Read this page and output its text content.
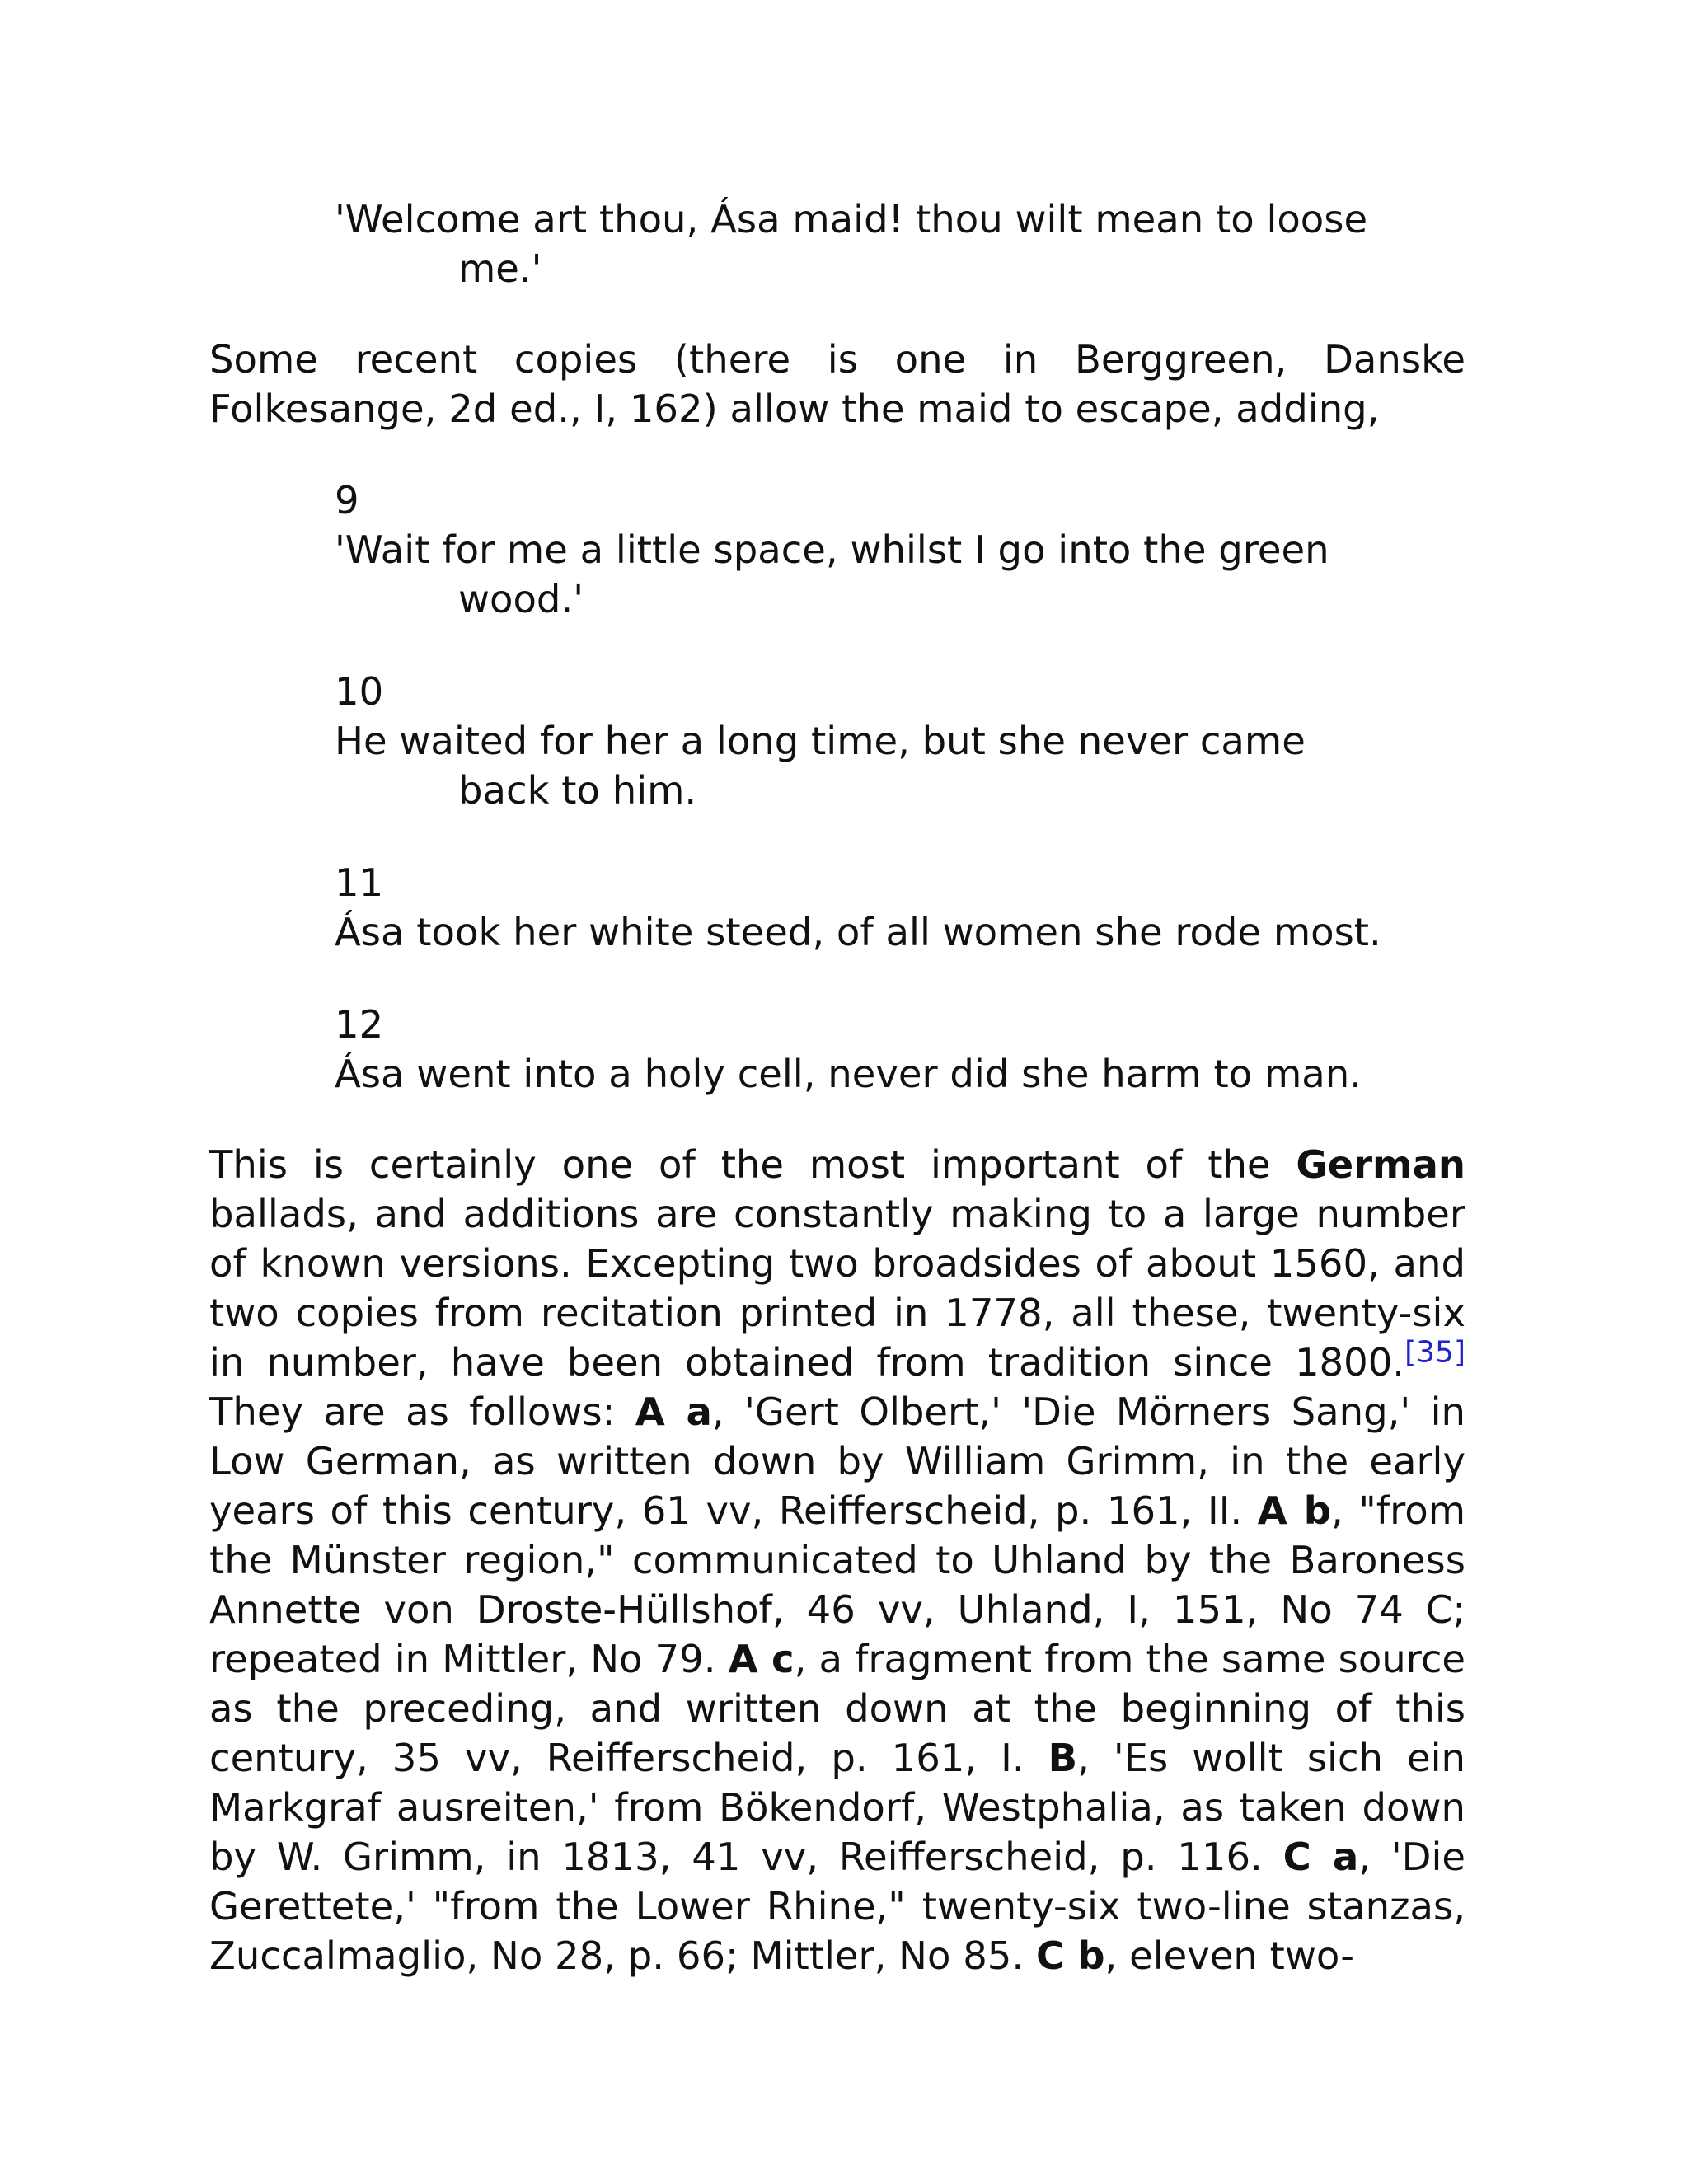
'Welcome art thou, Ása maid! thou wilt mean to loose
me.'

Some recent copies (there is one in Berggreen, Danske Folkesange, 2d ed., I, 162) allow the maid to escape, adding,

9
'Wait for me a little space, whilst I go into the green
wood.'
10
He waited for her a long time, but she never came
back to him.
11
Ása took her white steed, of all women she rode most.
12
Ása went into a holy cell, never did she harm to man.

This is certainly one of the most important of the German ballads, and additions are constantly making to a large number of known versions. Excepting two broadsides of about 1560, and two copies from recitation printed in 1778, all these, twenty-six in number, have been obtained from tradition since 1800.[35] They are as follows: A a, 'Gert Olbert,' 'Die Mörners Sang,' in Low German, as written down by William Grimm, in the early years of this century, 61 vv, Reifferscheid, p. 161, II. A b, "from the Münster region," communicated to Uhland by the Baroness Annette von Droste-Hüllshof, 46 vv, Uhland, I, 151, No 74 C; repeated in Mittler, No 79. A c, a fragment from the same source as the preceding, and written down at the beginning of this century, 35 vv, Reifferscheid, p. 161, I. B, 'Es wollt sich ein Markgraf ausreiten,' from Bökendorf, Westphalia, as taken down by W. Grimm, in 1813, 41 vv, Reifferscheid, p. 116. C a, 'Die Gerettete,' "from the Lower Rhine," twenty-six two-line stanzas, Zuccalmaglio, No 28, p. 66; Mittler, No 85. C b, eleven two-
